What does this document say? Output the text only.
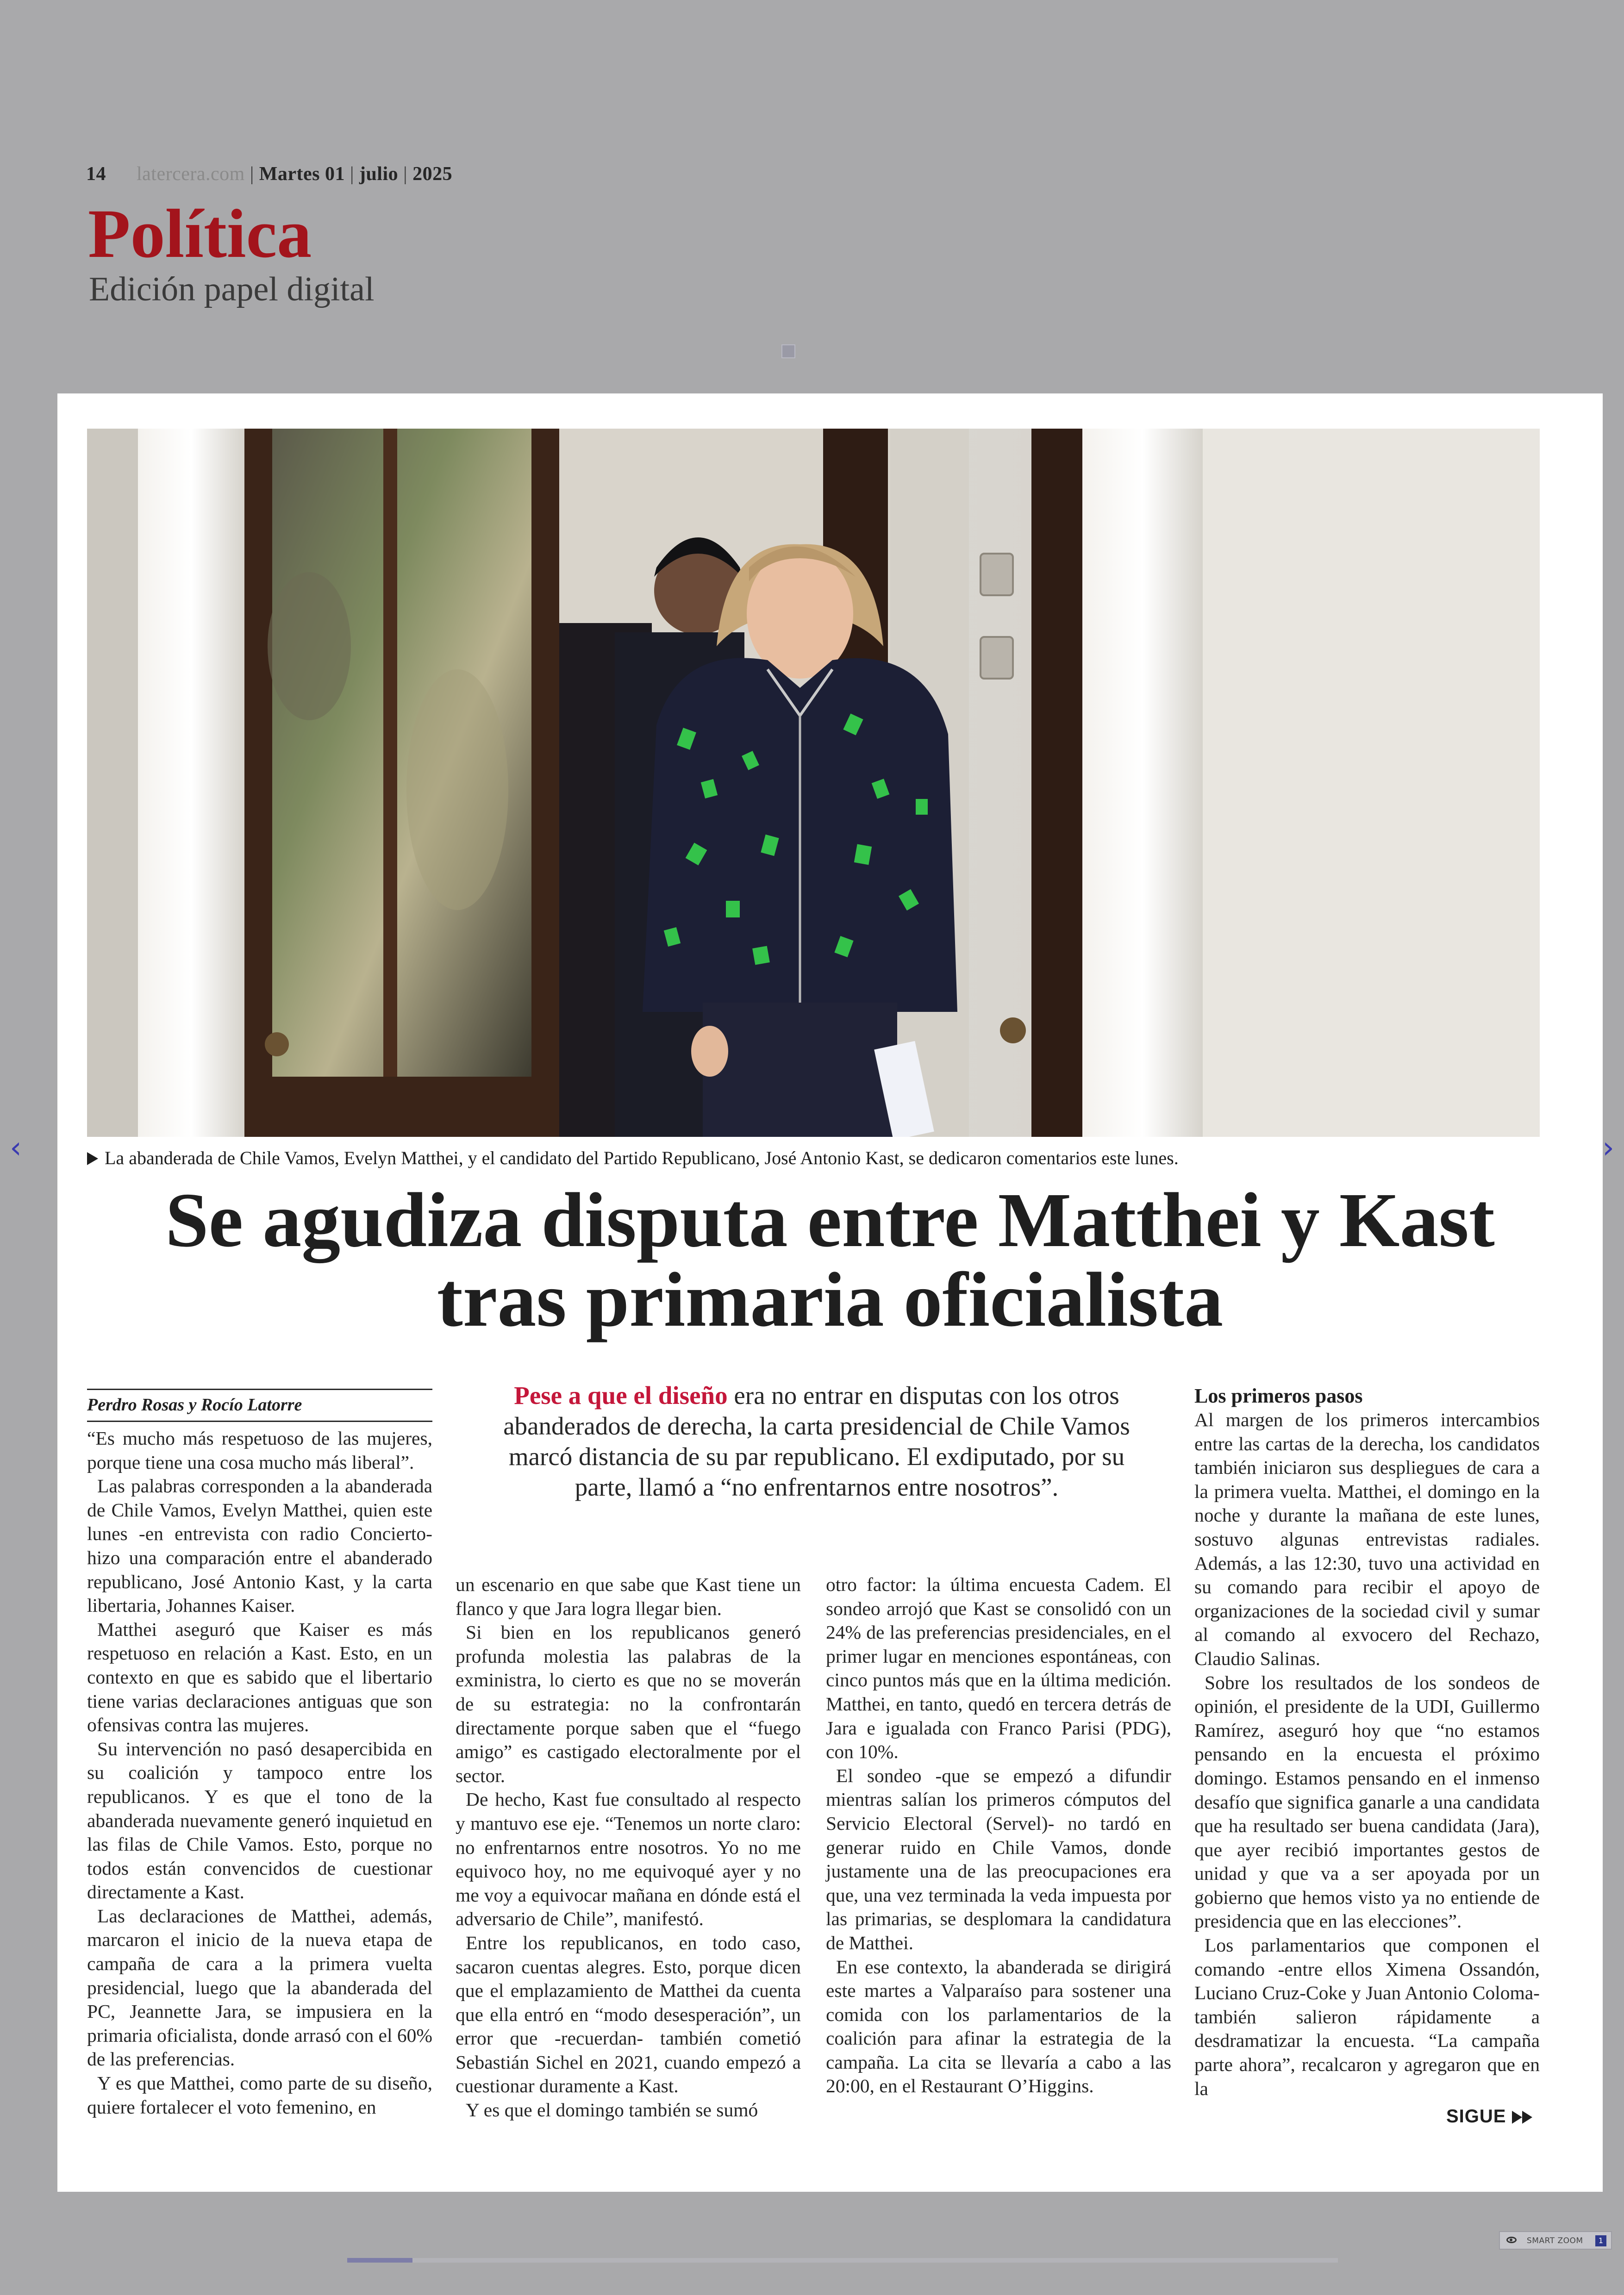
14 latercera.com | Martes 01 | julio | 2025
Política
Edición papel digital
La abanderada de Chile Vamos, Evelyn Matthei, y el candidato del Partido Republicano, José Antonio Kast, se dedicaron comentarios este lunes.
Se agudiza disputa entre Matthei y Kast
tras primaria oficialista
Perdro Rosas y Rocío Latorre	Pese a que el diseño era no entrar en disputas con los otros abanderados de derecha, la carta presidencial de Chile Vamos marcó distancia de su par republicano. El exdiputado, por su parte, llamó a “no enfrentarnos entre nosotros”.

“Es mucho más respetuoso de las mujeres, porque tiene una cosa mucho más liberal”.

Las palabras corresponden a la abanderada de Chile Vamos, Evelyn Matthei, quien este lunes -en entrevista con radio Concierto- hizo una comparación entre el abanderado republicano, José Antonio Kast, y la carta libertaria, Johannes Kaiser.

Matthei aseguró que Kaiser es más respetuoso en relación a Kast. Esto, en un contexto en que es sabido que el libertario tiene varias declaraciones antiguas que son ofensivas contra las mujeres.

Su intervención no pasó desapercibida en su coalición y tampoco entre los republicanos. Y es que el tono de la abanderada nuevamente generó inquietud en las filas de Chile Vamos. Esto, porque no todos están convencidos de cuestionar directamente a Kast.

Las declaraciones de Matthei, además, marcaron el inicio de la nueva etapa de campaña de cara a la primera vuelta presidencial, luego que la abanderada del PC, Jeannette Jara, se impusiera en la primaria oficialista, donde arrasó con el 60% de las preferencias.

Y es que Matthei, como parte de su diseño, quiere fortalecer el voto femenino, en

un escenario en que sabe que Kast tiene un flanco y que Jara logra llegar bien.

Si bien en los republicanos generó profunda molestia las palabras de la exministra, lo cierto es que no se moverán de su estrategia: no la confrontarán directamente porque saben que el “fuego amigo” es castigado electoralmente por el sector.

De hecho, Kast fue consultado al respecto y mantuvo ese eje. “Tenemos un norte claro: no enfrentarnos entre nosotros. Yo no me equivoco hoy, no me equivoqué ayer y no me voy a equivocar mañana en dónde está el adversario de Chile”, manifestó.

Entre los republicanos, en todo caso, sacaron cuentas alegres. Esto, porque dicen que el emplazamiento de Matthei da cuenta que ella entró en “modo desesperación”, un error que -recuerdan- también cometió Sebastián Sichel en 2021, cuando empezó a cuestionar duramente a Kast.

Y es que el domingo también se sumó

otro factor: la última encuesta Cadem. El sondeo arrojó que Kast se consolidó con un 24% de las preferencias presidenciales, en el primer lugar en menciones espontáneas, con cinco puntos más que en la última medición. Matthei, en tanto, quedó en tercera detrás de Jara e igualada con Franco Parisi (PDG), con 10%.

El sondeo -que se empezó a difundir mientras salían los primeros cómputos del Servicio Electoral (Servel)- no tardó en generar ruido en Chile Vamos, donde justamente una de las preocupaciones era que, una vez terminada la veda impuesta por las primarias, se desplomara la candidatura de Matthei.

En ese contexto, la abanderada se dirigirá este martes a Valparaíso para sostener una comida con los parlamentarios de la coalición para afinar la estrategia de la campaña. La cita se llevaría a cabo a las 20:00, en el Restaurant O’Higgins.

Los primeros pasos

Al margen de los primeros intercambios entre las cartas de la derecha, los candidatos también iniciaron sus despliegues de cara a la primera vuelta. Matthei, el domingo en la noche y durante la mañana de este lunes, sostuvo algunas entrevistas radiales. Además, a las 12:30, tuvo una actividad en su comando para recibir el apoyo de organizaciones de la sociedad civil y sumar al comando al exvocero del Rechazo, Claudio Salinas.

Sobre los resultados de los sondeos de opinión, el presidente de la UDI, Guillermo Ramírez, aseguró hoy que “no estamos pensando en la encuesta el próximo domingo. Estamos pensando en el inmenso desafío que significa ganarle a una candidata que ha resultado ser buena candidata (Jara), que ayer recibió importantes gestos de unidad y que va a ser apoyada por un gobierno que hemos visto ya no entiende de presidencia que en las elecciones”.

Los parlamentarios que componen el comando -entre ellos Ximena Ossandón, Luciano Cruz-Coke y Juan Antonio Coloma- también salieron rápidamente a desdramatizar la encuesta. “La campaña parte ahora”, recalcaron y agregaron que en la

SIGUE
‹	›
SMART ZOOM	1
